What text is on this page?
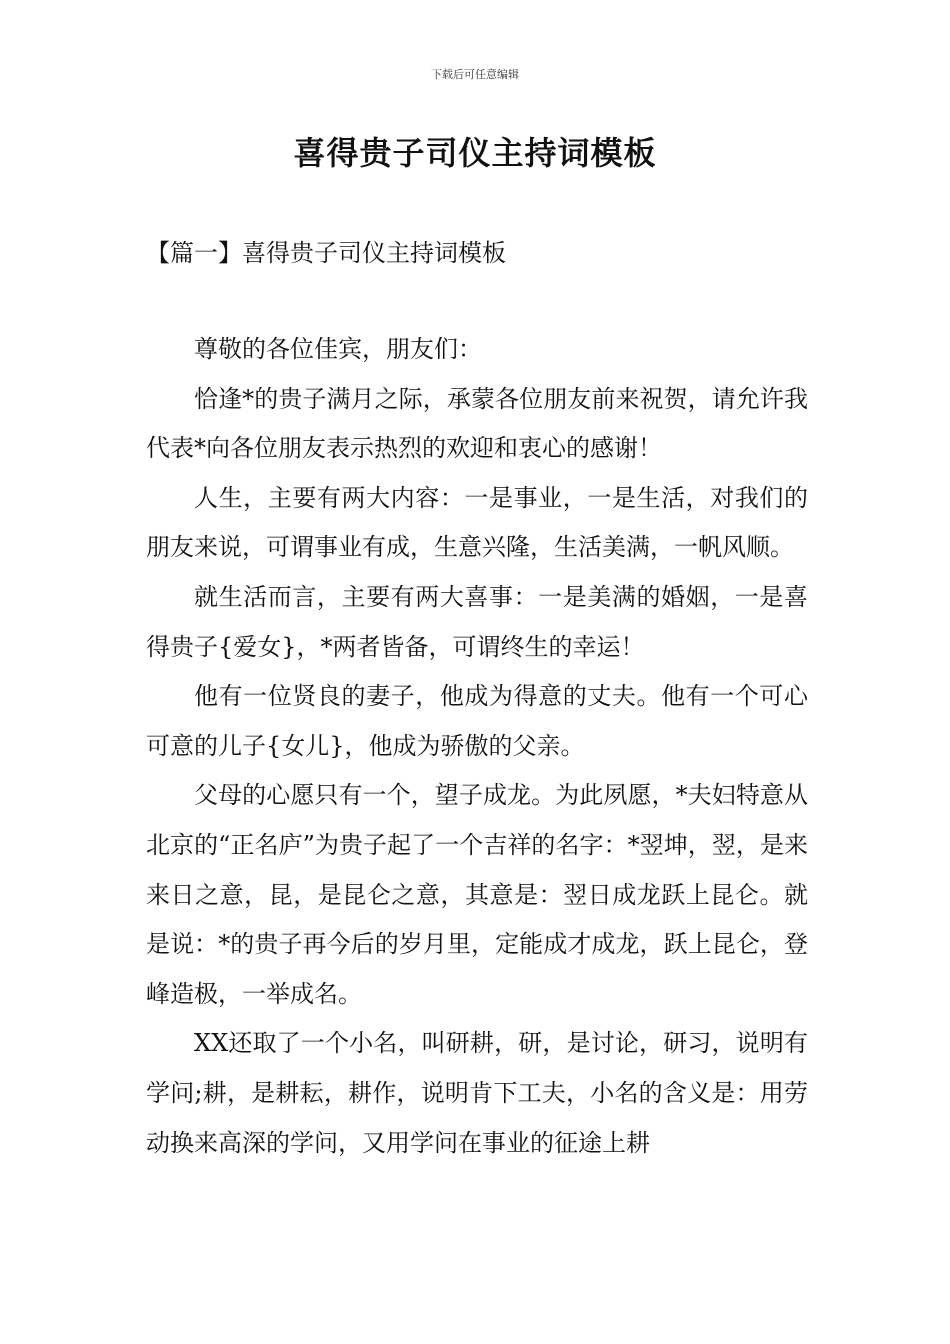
下载后可任意编辑
喜得贵子司仪主持词模板
【篇一】喜得贵子司仪主持词模板

尊敬的各位佳宾，朋友们：

恰逢*的贵子满月之际，承蒙各位朋友前来祝贺，请允许我代表*向各位朋友表示热烈的欢迎和衷心的感谢！

人生，主要有两大内容：一是事业，一是生活，对我们的朋友来说，可谓事业有成，生意兴隆，生活美满，一帆风顺。

就生活而言，主要有两大喜事：一是美满的婚姻，一是喜得贵子{爱女}，*两者皆备，可谓终生的幸运！

他有一位贤良的妻子，他成为得意的丈夫。他有一个可心可意的儿子{女儿}，他成为骄傲的父亲。

父母的心愿只有一个，望子成龙。为此夙愿，*夫妇特意从北京的“正名庐”为贵子起了一个吉祥的名字：*翌坤，翌，是来来日之意，昆，是昆仑之意，其意是：翌日成龙跃上昆仑。就是说：*的贵子再今后的岁月里，定能成才成龙，跃上昆仑，登峰造极，一举成名。

XX还取了一个小名，叫研耕，研，是讨论，研习，说明有学问;耕，是耕耘，耕作，说明肯下工夫，小名的含义是：用劳动换来高深的学问，又用学问在事业的征途上耕
